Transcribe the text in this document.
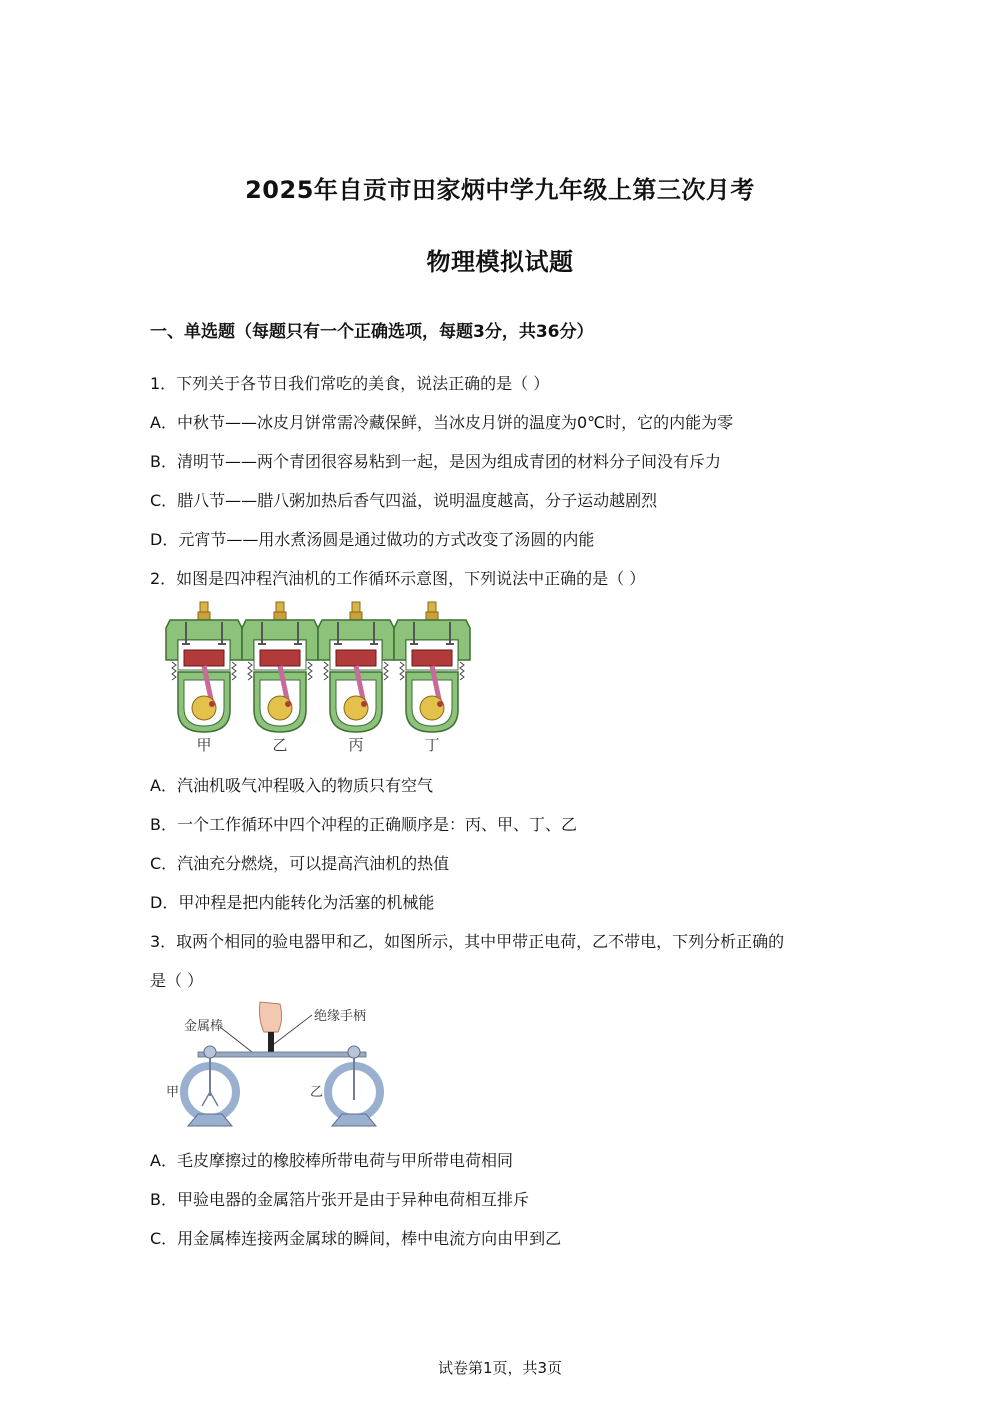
2025年自贡市田家炳中学九年级上第三次月考
物理模拟试题
一、单选题（每题只有一个正确选项，每题3分，共36分）
1．下列关于各节日我们常吃的美食，说法正确的是（ ）
A．中秋节——冰皮月饼常需冷藏保鲜，当冰皮月饼的温度为0℃时，它的内能为零
B．清明节——两个青团很容易粘到一起，是因为组成青团的材料分子间没有斥力
C．腊八节——腊八粥加热后香气四溢，说明温度越高，分子运动越剧烈
D．元宵节——用水煮汤圆是通过做功的方式改变了汤圆的内能
2．如图是四冲程汽油机的工作循环示意图，下列说法中正确的是（ ）
甲	乙	丙	丁
A．汽油机吸气冲程吸入的物质只有空气
B．一个工作循环中四个冲程的正确顺序是：丙、甲、丁、乙
C．汽油充分燃烧，可以提高汽油机的热值
D．甲冲程是把内能转化为活塞的机械能
3．取两个相同的验电器甲和乙，如图所示，其中甲带正电荷，乙不带电，下列分析正确的
是（ ）
金属棒
绝缘手柄
甲	乙
A．毛皮摩擦过的橡胶棒所带电荷与甲所带电荷相同
B．甲验电器的金属箔片张开是由于异种电荷相互排斥
C．用金属棒连接两金属球的瞬间，棒中电流方向由甲到乙
试卷第1页，共3页
